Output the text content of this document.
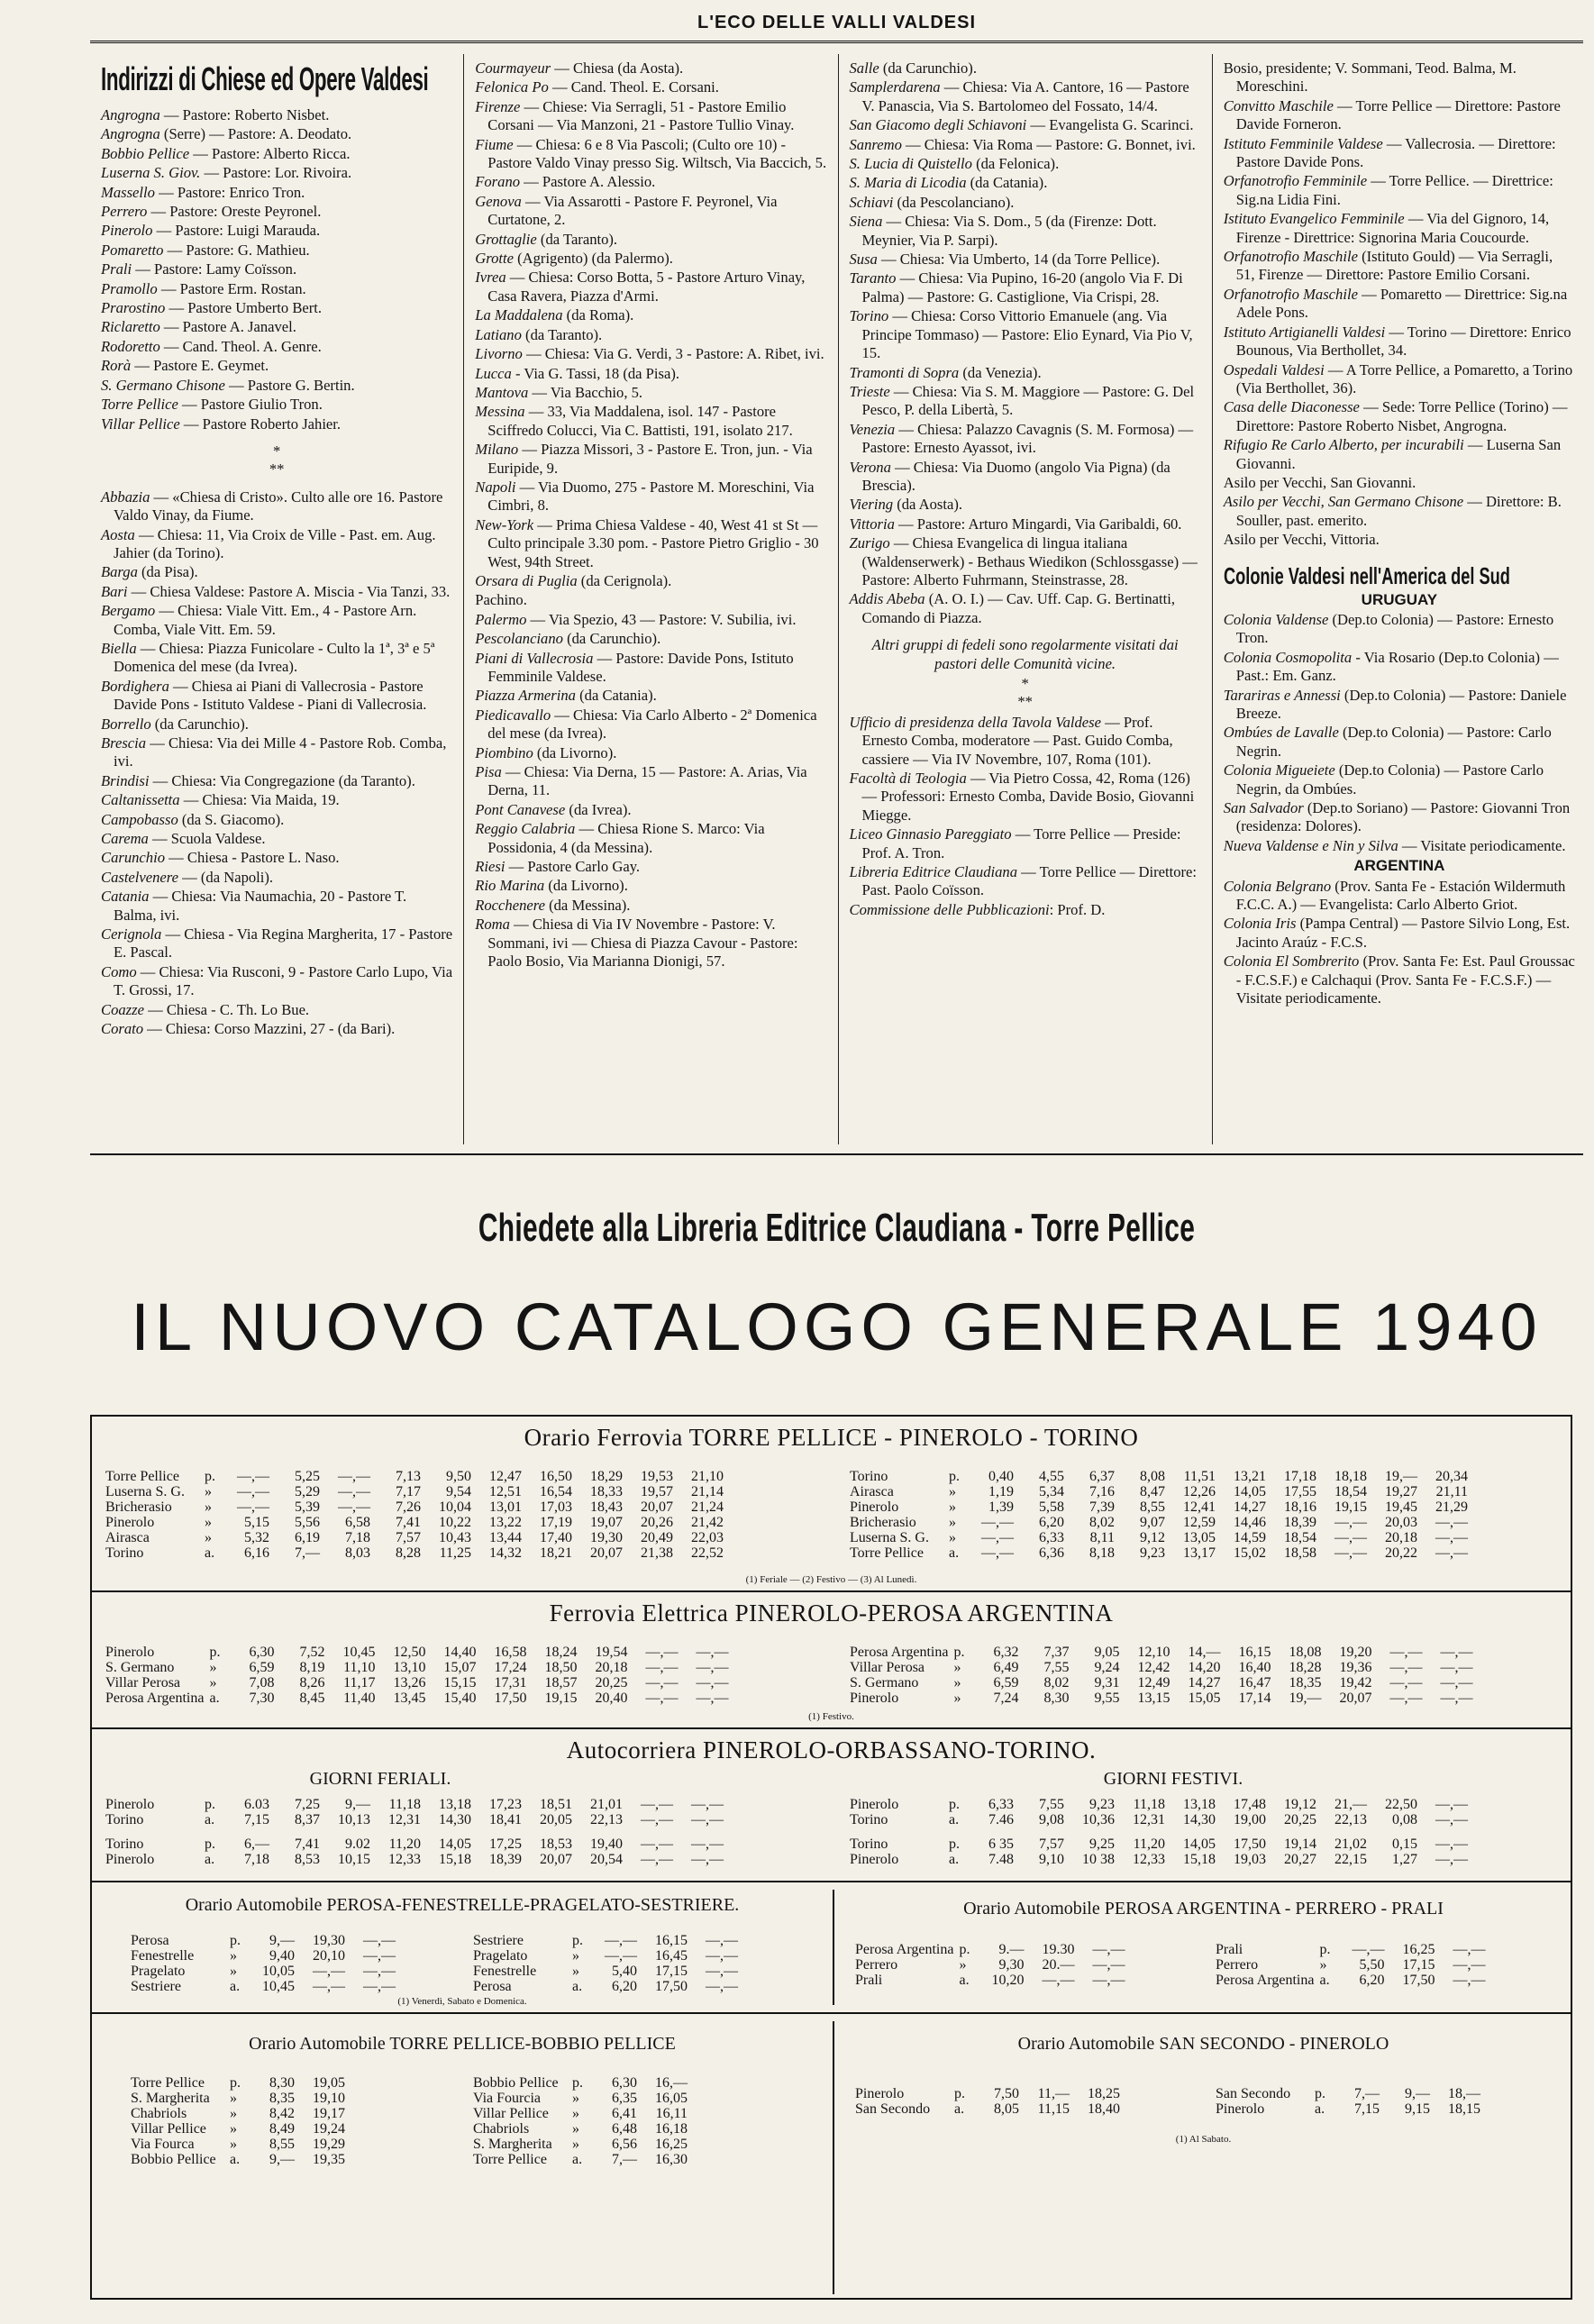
L'ECO DELLE VALLI VALDESI
Indirizzi di Chiese ed Opere Valdesi

Angrogna — Pastore: Roberto Nisbet.

Angrogna (Serre) — Pastore: A. Deodato.

Bobbio Pellice — Pastore: Alberto Ricca.

Luserna S. Giov. — Pastore: Lor. Rivoira.

Massello — Pastore: Enrico Tron.

Perrero — Pastore: Oreste Peyronel.

Pinerolo — Pastore: Luigi Marauda.

Pomaretto — Pastore: G. Mathieu.

Prali — Pastore: Lamy Coïsson.

Pramollo — Pastore Erm. Rostan.

Prarostino — Pastore Umberto Bert.

Riclaretto — Pastore A. Janavel.

Rodoretto — Cand. Theol. A. Genre.

Rorà — Pastore E. Geymet.

S. Germano Chisone — Pastore G. Bertin.

Torre Pellice — Pastore Giulio Tron.

Villar Pellice — Pastore Roberto Jahier.

*
**

Abbazia — «Chiesa di Cristo». Culto alle ore 16. Pastore Valdo Vinay, da Fiume.

Aosta — Chiesa: 11, Via Croix de Ville - Past. em. Aug. Jahier (da Torino).

Barga (da Pisa).

Bari — Chiesa Valdese: Pastore A. Miscia - Via Tanzi, 33.

Bergamo — Chiesa: Viale Vitt. Em., 4 - Pastore Arn. Comba, Viale Vitt. Em. 59.

Biella — Chiesa: Piazza Funicolare - Culto la 1ª, 3ª e 5ª Domenica del mese (da Ivrea).

Bordighera — Chiesa ai Piani di Vallecrosia - Pastore Davide Pons - Istituto Valdese - Piani di Vallecrosia.

Borrello (da Carunchio).

Brescia — Chiesa: Via dei Mille 4 - Pastore Rob. Comba, ivi.

Brindisi — Chiesa: Via Congregazione (da Taranto).

Caltanissetta — Chiesa: Via Maida, 19.

Campobasso (da S. Giacomo).

Carema — Scuola Valdese.

Carunchio — Chiesa - Pastore L. Naso.

Castelvenere — (da Napoli).

Catania — Chiesa: Via Naumachia, 20 - Pastore T. Balma, ivi.

Cerignola — Chiesa - Via Regina Margherita, 17 - Pastore E. Pascal.

Como — Chiesa: Via Rusconi, 9 - Pastore Carlo Lupo, Via T. Grossi, 17.

Coazze — Chiesa - C. Th. Lo Bue.

Corato — Chiesa: Corso Mazzini, 27 - (da Bari).

Courmayeur — Chiesa (da Aosta).

Felonica Po — Cand. Theol. E. Corsani.

Firenze — Chiese: Via Serragli, 51 - Pastore Emilio Corsani — Via Manzoni, 21 - Pastore Tullio Vinay.

Fiume — Chiesa: 6 e 8 Via Pascoli; (Culto ore 10) - Pastore Valdo Vinay presso Sig. Wiltsch, Via Baccich, 5.

Forano — Pastore A. Alessio.

Genova — Via Assarotti - Pastore F. Peyronel, Via Curtatone, 2.

Grottaglie (da Taranto).

Grotte (Agrigento) (da Palermo).

Ivrea — Chiesa: Corso Botta, 5 - Pastore Arturo Vinay, Casa Ravera, Piazza d'Armi.

La Maddalena (da Roma).

Latiano (da Taranto).

Livorno — Chiesa: Via G. Verdi, 3 - Pastore: A. Ribet, ivi.

Lucca - Via G. Tassi, 18 (da Pisa).

Mantova — Via Bacchio, 5.

Messina — 33, Via Maddalena, isol. 147 - Pastore Sciffredo Colucci, Via C. Battisti, 191, isolato 217.

Milano — Piazza Missori, 3 - Pastore E. Tron, jun. - Via Euripide, 9.

Napoli — Via Duomo, 275 - Pastore M. Moreschini, Via Cimbri, 8.

New-York — Prima Chiesa Valdese - 40, West 41 st St — Culto principale 3.30 pom. - Pastore Pietro Griglio - 30 West, 94th Street.

Orsara di Puglia (da Cerignola).

Pachino.

Palermo — Via Spezio, 43 — Pastore: V. Subilia, ivi.

Pescolanciano (da Carunchio).

Piani di Vallecrosia — Pastore: Davide Pons, Istituto Femminile Valdese.

Piazza Armerina (da Catania).

Piedicavallo — Chiesa: Via Carlo Alberto - 2ª Domenica del mese (da Ivrea).

Piombino (da Livorno).

Pisa — Chiesa: Via Derna, 15 — Pastore: A. Arias, Via Derna, 11.

Pont Canavese (da Ivrea).

Reggio Calabria — Chiesa Rione S. Marco: Via Possidonia, 4 (da Messina).

Riesi — Pastore Carlo Gay.

Rio Marina (da Livorno).

Rocchenere (da Messina).

Roma — Chiesa di Via IV Novembre - Pastore: V. Sommani, ivi — Chiesa di Piazza Cavour - Pastore: Paolo Bosio, Via Marianna Dionigi, 57.

Salle (da Carunchio).

Samplerdarena — Chiesa: Via A. Cantore, 16 — Pastore V. Panascia, Via S. Bartolomeo del Fossato, 14/4.

San Giacomo degli Schiavoni — Evangelista G. Scarinci.

Sanremo — Chiesa: Via Roma — Pastore: G. Bonnet, ivi.

S. Lucia di Quistello (da Felonica).

S. Maria di Licodia (da Catania).

Schiavi (da Pescolanciano).

Siena — Chiesa: Via S. Dom., 5 (da (Firenze: Dott. Meynier, Via P. Sarpi).

Susa — Chiesa: Via Umberto, 14 (da Torre Pellice).

Taranto — Chiesa: Via Pupino, 16-20 (angolo Via F. Di Palma) — Pastore: G. Castiglione, Via Crispi, 28.

Torino — Chiesa: Corso Vittorio Emanuele (ang. Via Principe Tommaso) — Pastore: Elio Eynard, Via Pio V, 15.

Tramonti di Sopra (da Venezia).

Trieste — Chiesa: Via S. M. Maggiore — Pastore: G. Del Pesco, P. della Libertà, 5.

Venezia — Chiesa: Palazzo Cavagnis (S. M. Formosa) — Pastore: Ernesto Ayassot, ivi.

Verona — Chiesa: Via Duomo (angolo Via Pigna) (da Brescia).

Viering (da Aosta).

Vittoria — Pastore: Arturo Mingardi, Via Garibaldi, 60.

Zurigo — Chiesa Evangelica di lingua italiana (Waldenserwerk) - Bethaus Wiedikon (Schlossgasse) — Pastore: Alberto Fuhrmann, Steinstrasse, 28.

Addis Abeba (A. O. I.) — Cav. Uff. Cap. G. Bertinatti, Comando di Piazza.

Altri gruppi di fedeli sono regolarmente visitati dai pastori delle Comunità vicine.

*
**

Ufficio di presidenza della Tavola Valdese — Prof. Ernesto Comba, moderatore — Past. Guido Comba, cassiere — Via IV Novembre, 107, Roma (101).

Facoltà di Teologia — Via Pietro Cossa, 42, Roma (126) — Professori: Ernesto Comba, Davide Bosio, Giovanni Miegge.

Liceo Ginnasio Pareggiato — Torre Pellice — Preside: Prof. A. Tron.

Libreria Editrice Claudiana — Torre Pellice — Direttore: Past. Paolo Coïsson.

Commissione delle Pubblicazioni: Prof. D.

Bosio, presidente; V. Sommani, Teod. Balma, M. Moreschini.

Convitto Maschile — Torre Pellice — Direttore: Pastore Davide Forneron.

Istituto Femminile Valdese — Vallecrosia. — Direttore: Pastore Davide Pons.

Orfanotrofio Femminile — Torre Pellice. — Direttrice: Sig.na Lidia Fini.

Istituto Evangelico Femminile — Via del Gignoro, 14, Firenze - Direttrice: Signorina Maria Coucourde.

Orfanotrofio Maschile (Istituto Gould) — Via Serragli, 51, Firenze — Direttore: Pastore Emilio Corsani.

Orfanotrofio Maschile — Pomaretto — Direttrice: Sig.na Adele Pons.

Istituto Artigianelli Valdesi — Torino — Direttore: Enrico Bounous, Via Berthollet, 34.

Ospedali Valdesi — A Torre Pellice, a Pomaretto, a Torino (Via Berthollet, 36).

Casa delle Diaconesse — Sede: Torre Pellice (Torino) — Direttore: Pastore Roberto Nisbet, Angrogna.

Rifugio Re Carlo Alberto, per incurabili — Luserna San Giovanni.

Asilo per Vecchi, San Giovanni.

Asilo per Vecchi, San Germano Chisone — Direttore: B. Souller, past. emerito.

Asilo per Vecchi, Vittoria.

Colonie Valdesi nell'America del Sud
URUGUAY

Colonia Valdense (Dep.to Colonia) — Pastore: Ernesto Tron.

Colonia Cosmopolita - Via Rosario (Dep.to Colonia) — Past.: Em. Ganz.

Tarariras e Annessi (Dep.to Colonia) — Pastore: Daniele Breeze.

Ombúes de Lavalle (Dep.to Colonia) — Pastore: Carlo Negrin.

Colonia Migueiete (Dep.to Colonia) — Pastore Carlo Negrin, da Ombúes.

San Salvador (Dep.to Soriano) — Pastore: Giovanni Tron (residenza: Dolores).

Nueva Valdense e Nin y Silva — Visitate periodicamente.

ARGENTINA

Colonia Belgrano (Prov. Santa Fe - Estación Wildermuth F.C.C. A.) — Evangelista: Carlo Alberto Griot.

Colonia Iris (Pampa Central) — Pastore Silvio Long, Est. Jacinto Araúz - F.C.S.

Colonia El Sombrerito (Prov. Santa Fe: Est. Paul Groussac - F.C.S.F.) e Calchaqui (Prov. Santa Fe - F.C.S.F.) — Visitate periodicamente.

Chiedete alla Libreria Editrice Claudiana - Torre Pellice
IL NUOVO CATALOGO GENERALE 1940
Orario Ferrovia TORRE PELLICE - PINEROLO - TORINO
Torre Pellice	p.	—,—	5,25	—,—	7,13	9,50	12,47	16,50	18,29	19,53	21,10
Luserna S. G.	»	—,—	5,29	—,—	7,17	9,54	12,51	16,54	18,33	19,57	21,14
Bricherasio	»	—,—	5,39	—,—	7,26	10,04	13,01	17,03	18,43	20,07	21,24
Pinerolo	»	5,15	5,56	6,58	7,41	10,22	13,22	17,19	19,07	20,26	21,42
Airasca	»	5,32	6,19	7,18	7,57	10,43	13,44	17,40	19,30	20,49	22,03
Torino	a.	6,16	7,—	8,03	8,28	11,25	14,32	18,21	20,07	21,38	22,52
Torino	p.	0,40	4,55	6,37	8,08	11,51	13,21	17,18	18,18	19,—	20,34
Airasca	»	1,19	5,34	7,16	8,47	12,26	14,05	17,55	18,54	19,27	21,11
Pinerolo	»	1,39	5,58	7,39	8,55	12,41	14,27	18,16	19,15	19,45	21,29
Bricherasio	»	—,—	6,20	8,02	9,07	12,59	14,46	18,39	—,—	20,03	—,—
Luserna S. G.	»	—,—	6,33	8,11	9,12	13,05	14,59	18,54	—,—	20,18	—,—
Torre Pellice	a.	—,—	6,36	8,18	9,23	13,17	15,02	18,58	—,—	20,22	—,—
(1) Feriale — (2) Festivo — (3) Al Lunedì.
Ferrovia Elettrica PINEROLO-PEROSA ARGENTINA
Pinerolo	p.	6,30	7,52	10,45	12,50	14,40	16,58	18,24	19,54	—,—	—,—
S. Germano	»	6,59	8,19	11,10	13,10	15,07	17,24	18,50	20,18	—,—	—,—
Villar Perosa	»	7,08	8,26	11,17	13,26	15,15	17,31	18,57	20,25	—,—	—,—
Perosa Argentina	a.	7,30	8,45	11,40	13,45	15,40	17,50	19,15	20,40	—,—	—,—
Perosa Argentina	p.	6,32	7,37	9,05	12,10	14,—	16,15	18,08	19,20	—,—	—,—
Villar Perosa	»	6,49	7,55	9,24	12,42	14,20	16,40	18,28	19,36	—,—	—,—
S. Germano	»	6,59	8,02	9,31	12,49	14,27	16,47	18,35	19,42	—,—	—,—
Pinerolo	»	7,24	8,30	9,55	13,15	15,05	17,14	19,—	20,07	—,—	—,—
(1) Festivo.
Autocorriera PINEROLO-ORBASSANO-TORINO.
GIORNI FERIALI.	GIORNI FESTIVI.
Pinerolo	p.	6.03	7,25	9,—	11,18	13,18	17,23	18,51	21,01	—,—	—,—
Torino	a.	7,15	8,37	10,13	12,31	14,30	18,41	20,05	22,13	—,—	—,—

Torino	p.	6,—	7,41	9.02	11,20	14,05	17,25	18,53	19,40	—,—	—,—
Pinerolo	a.	7,18	8,53	10,15	12,33	15,18	18,39	20,07	20,54	—,—	—,—
Pinerolo	p.	6,33	7,55	9,23	11,18	13,18	17,48	19,12	21,—	22,50	—,—
Torino	a.	7.46	9,08	10,36	12,31	14,30	19,00	20,25	22,13	0,08	—,—

Torino	p.	6 35	7,57	9,25	11,20	14,05	17,50	19,14	21,02	0,15	—,—
Pinerolo	a.	7.48	9,10	10 38	12,33	15,18	19,03	20,27	22,15	1,27	—,—
Orario Automobile PEROSA-FENESTRELLE-PRAGELATO-SESTRIERE.
Perosa	p.	9,—	19,30	—,—
Fenestrelle	»	9,40	20,10	—,—
Pragelato	»	10,05	—,—	—,—
Sestriere	a.	10,45	—,—	—,—
Sestriere	p.	—,—	16,15	—,—
Pragelato	»	—,—	16,45	—,—
Fenestrelle	»	5,40	17,15	—,—
Perosa	a.	6,20	17,50	—,—
(1) Venerdì, Sabato e Domenica.
Orario Automobile PEROSA ARGENTINA - PERRERO - PRALI
Perosa Argentina	p.	9.—	19.30	—,—
Perrero	»	9,30	20.—	—,—
Prali	a.	10,20	—,—	—,—
Prali	p.	—,—	16,25	—,—
Perrero	»	5,50	17,15	—,—
Perosa Argentina	a.	6,20	17,50	—,—
Orario Automobile TORRE PELLICE-BOBBIO PELLICE
Torre Pellice	p.	8,30	19,05
S. Margherita	»	8,35	19,10
Chabriols	»	8,42	19,17
Villar Pellice	»	8,49	19,24
Via Fourca	»	8,55	19,29
Bobbio Pellice	a.	9,—	19,35
Bobbio Pellice	p.	6,30	16,—
Via Fourcia	»	6,35	16,05
Villar Pellice	»	6,41	16,11
Chabriols	»	6,48	16,18
S. Margherita	»	6,56	16,25
Torre Pellice	a.	7,—	16,30
Orario Automobile SAN SECONDO - PINEROLO
Pinerolo	p.	7,50	11,—	18,25
San Secondo	a.	8,05	11,15	18,40
San Secondo	p.	7,—	9,—	18,—
Pinerolo	a.	7,15	9,15	18,15
(1) Al Sabato.
